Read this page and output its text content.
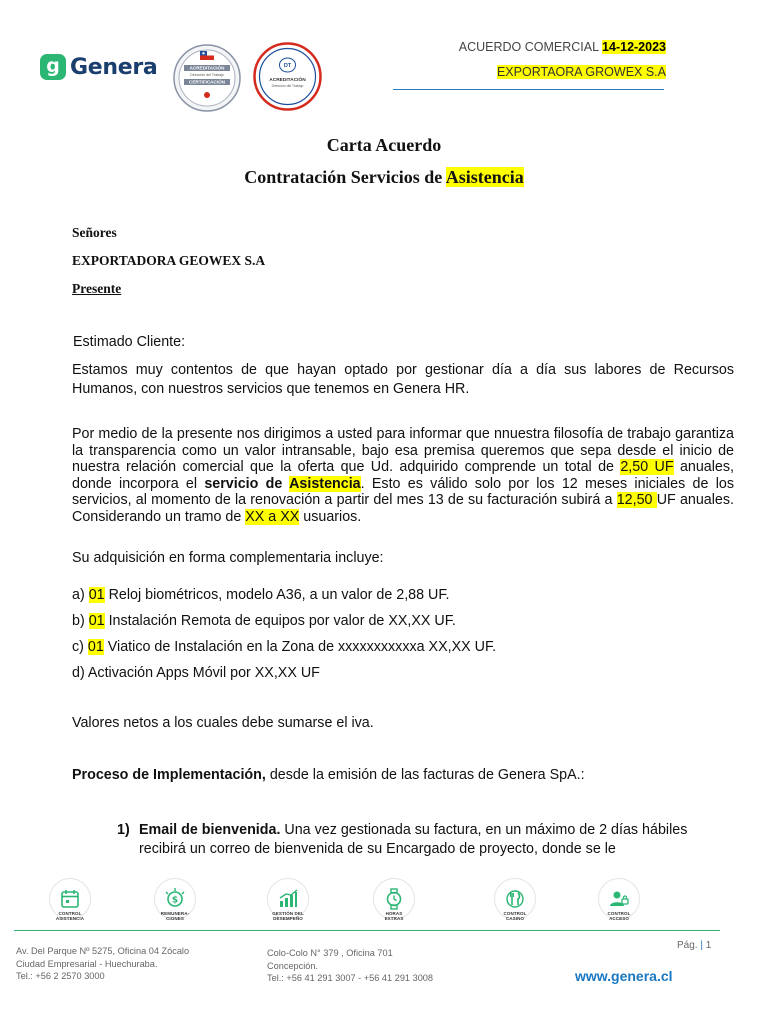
g Genera	ACREDITACIÓN
Dirección del Trabajo
CERTIFICACIÓN
DT
ACREDITACIÓN
Dirección del Trabajo
ACUERDO COMERCIAL 14-12-2023
EXPORTAORA GROWEX S.A
Carta Acuerdo
Contratación Servicios de Asistencia
Señores
EXPORTADORA GEOWEX S.A
Presente
Estimado Cliente:
Estamos muy contentos de que hayan optado por gestionar día a día sus labores de Recursos Humanos, con nuestros servicios que tenemos en Genera HR.
Por medio de la presente nos dirigimos a usted para informar que nnuestra filosofía de trabajo garantiza la transparencia como un valor intransable, bajo esa premisa queremos que sepa desde el inicio de nuestra relación comercial que la oferta que Ud. adquirido comprende un total de 2,50 UF anuales, donde incorpora el servicio de Asistencia. Esto es válido solo por los 12 meses iniciales de los servicios, al momento de la renovación a partir del mes 13 de su facturación subirá a 12,50 UF anuales. Considerando un tramo de XX a XX usuarios.
Su adquisición en forma complementaria incluye:
a) 01 Reloj biométricos, modelo A36, a un valor de 2,88 UF.
b) 01 Instalación Remota de equipos por valor de XX,XX UF.
c) 01 Viatico de Instalación en la Zona de xxxxxxxxxxxa XX,XX UF.
d) Activación Apps Móvil por XX,XX UF
Valores netos a los cuales debe sumarse el iva.
Proceso de Implementación, desde la emisión de las facturas de Genera SpA.:
1) Email de bienvenida. Una vez gestionada su factura, en un máximo de 2 días hábiles recibirá un correo de bienvenida de su Encargado de proyecto, donde se le
CONTROL
ASISTENCIA
$
REMUNERA-
CIONES
GESTIÓN DEL
DESEMPEÑO
HORAS
EXTRAS
CONTROL
CASINO
CONTROL
ACCESO
Av. Del Parque Nº 5275, Oficina 04 Zócalo
Ciudad Empresarial - Huechuraba.
Tel.: +56 2 2570 3000
Colo-Colo N° 379 , Oficina 701
Concepción.
Tel.: +56 41 291 3007 - +56 41 291 3008
Pág. | 1
www.genera.cl
